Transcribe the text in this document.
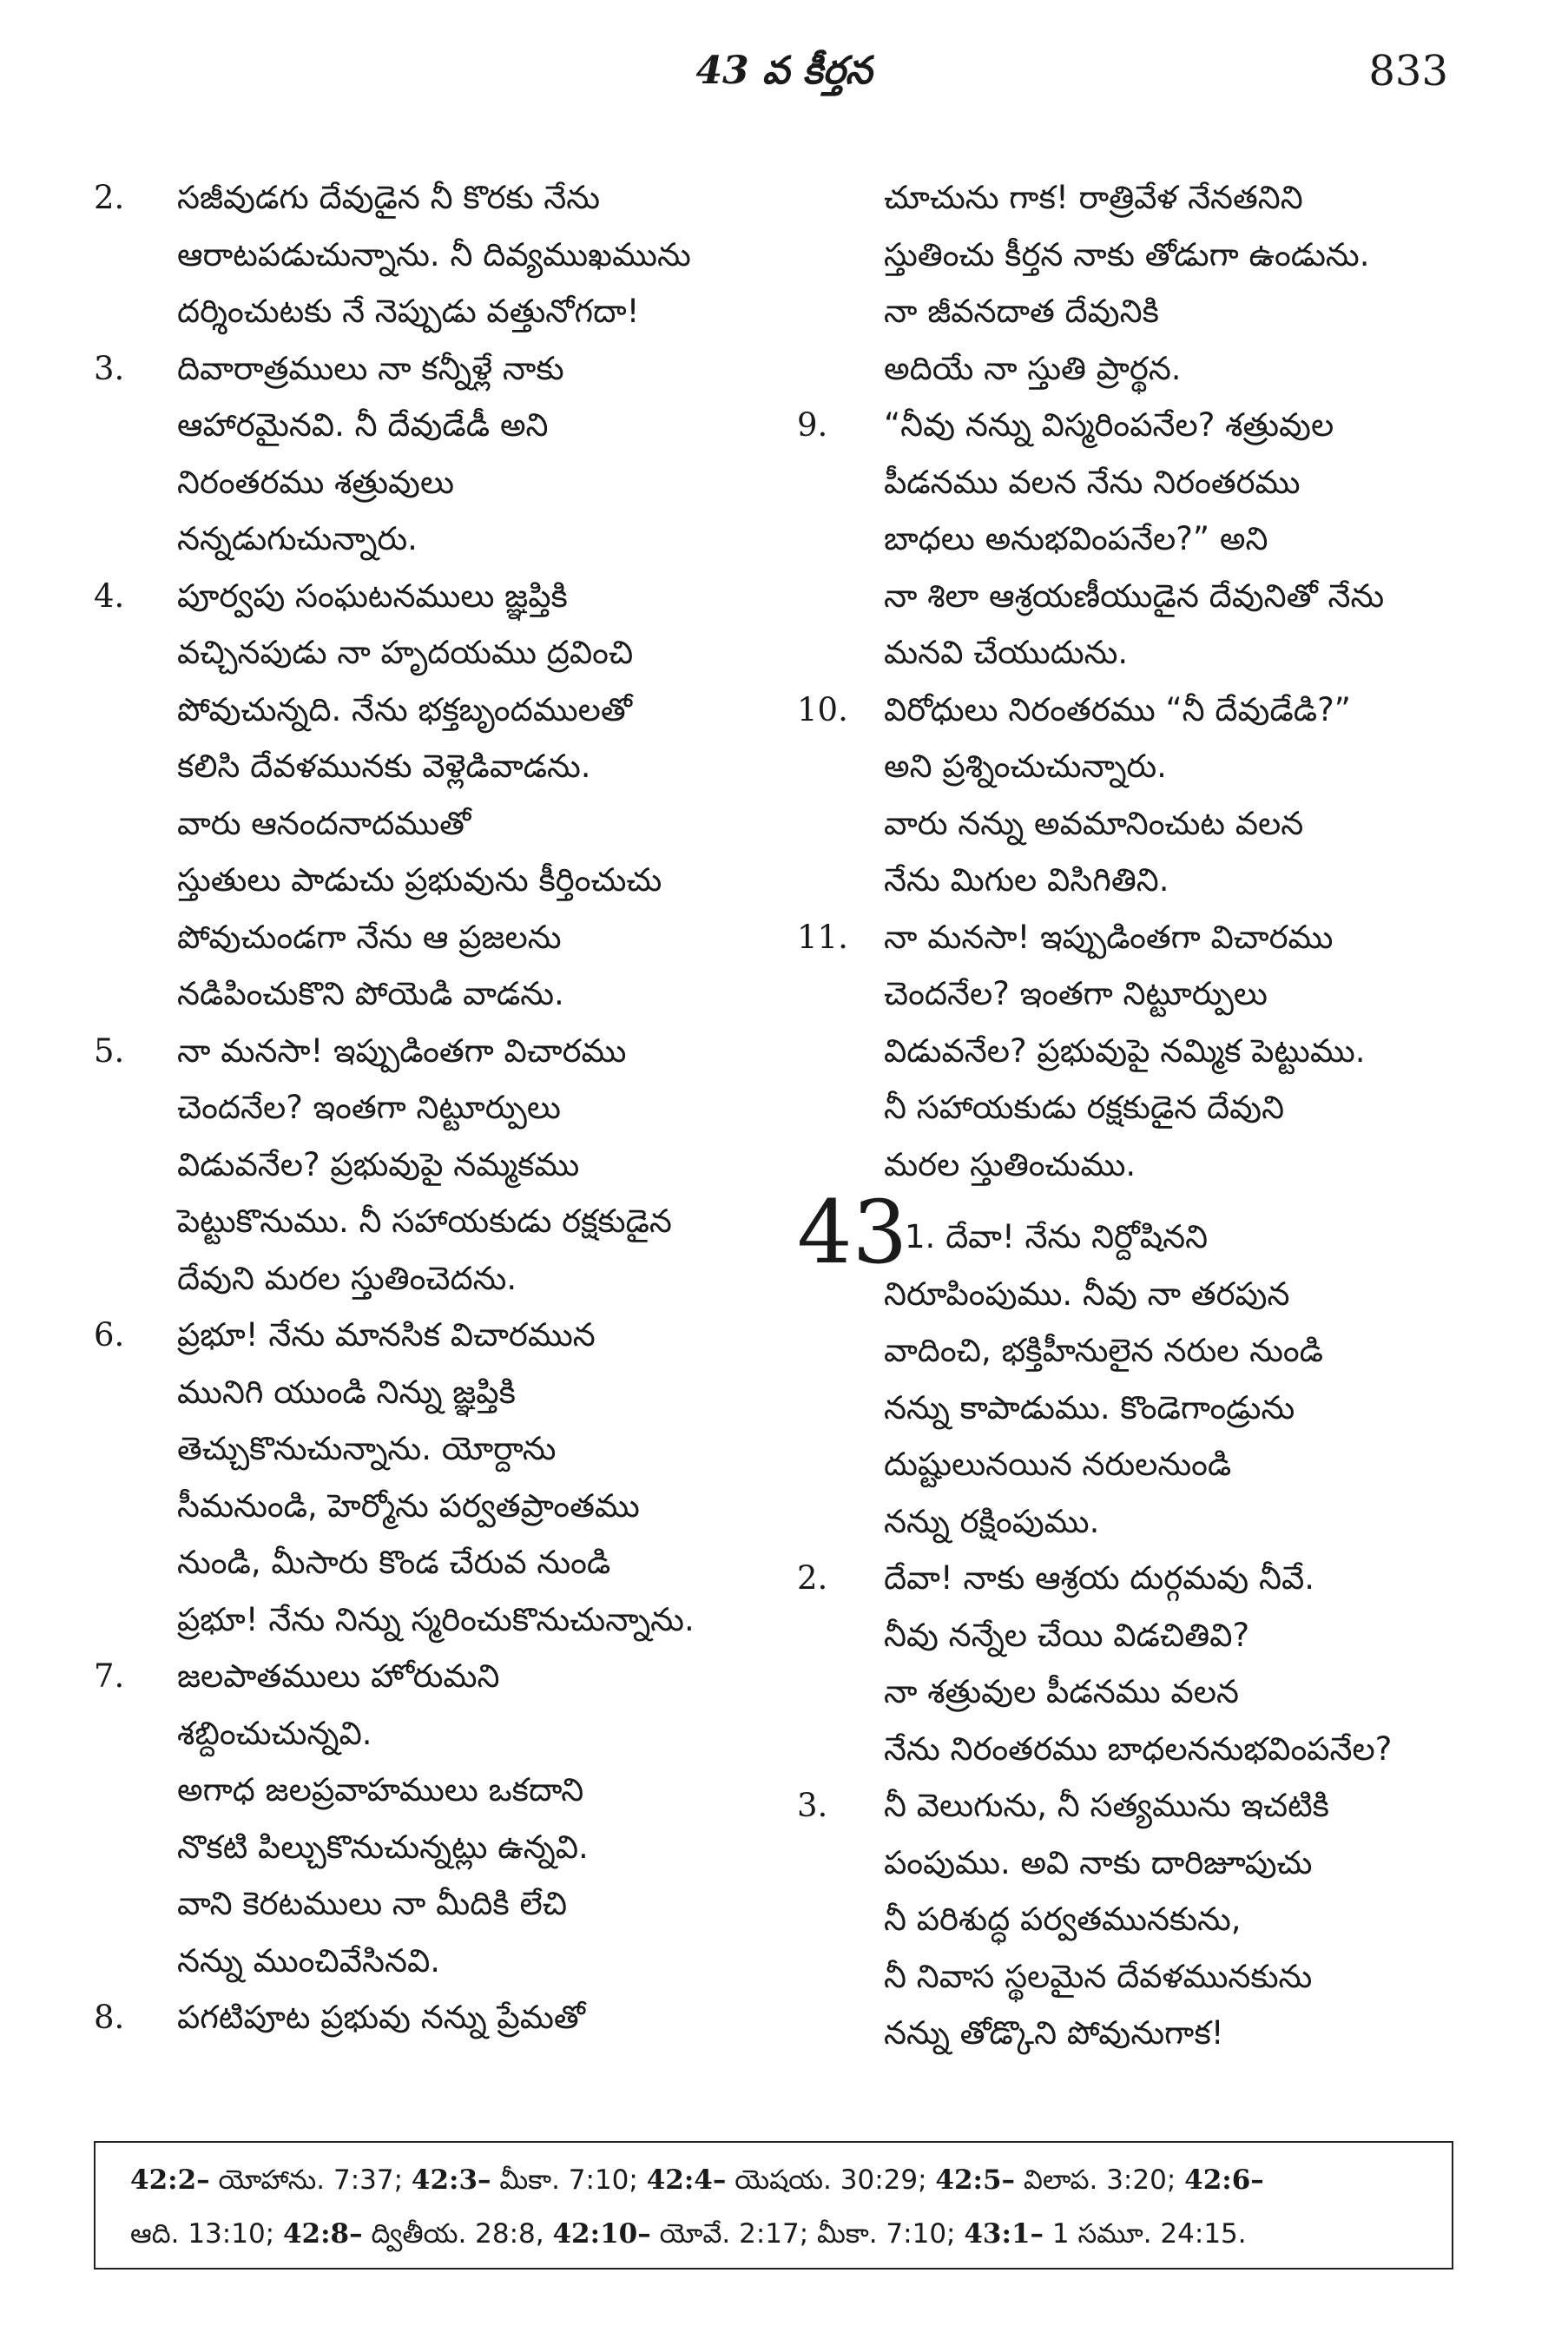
43 వ కీర్తన	833
2. సజీవుడగు దేవుడైన నీ కొరకు నేను
ఆరాటపడుచున్నాను. నీ దివ్యముఖమును
దర్శించుటకు నే నెప్పుడు వత్తునోగదా!
3. దివారాత్రములు నా కన్నీళ్లే నాకు
ఆహారమైనవి. నీ దేవుడేడీ అని
నిరంతరము శత్రువులు
నన్నడుగుచున్నారు.
4. పూర్వపు సంఘటనములు జ్ఞప్తికి
వచ్చినపుడు నా హృదయము ద్రవించి
పోవుచున్నది. నేను భక్తబృందములతో
కలిసి దేవళమునకు వెళ్లెడివాడను.
వారు ఆనందనాదముతో
స్తుతులు పాడుచు ప్రభువును కీర్తించుచు
పోవుచుండగా నేను ఆ ప్రజలను
నడిపించుకొని పోయెడి వాడను.
5. నా మనసా! ఇప్పుడింతగా విచారము
చెందనేల? ఇంతగా నిట్టూర్పులు
విడువనేల? ప్రభువుపై నమ్మకము
పెట్టుకొనుము. నీ సహాయకుడు రక్షకుడైన
దేవుని మరల స్తుతించెదను.
6. ప్రభూ! నేను మానసిక విచారమున
మునిగి యుండి నిన్ను జ్ఞప్తికి
తెచ్చుకొనుచున్నాను. యోర్దాను
సీమనుండి, హెర్మోను పర్వతప్రాంతము
నుండి, మీసారు కొండ చేరువ నుండి
ప్రభూ! నేను నిన్ను స్మరించుకొనుచున్నాను.
7. జలపాతములు హోరుమని
శబ్దించుచున్నవి.
అగాధ జలప్రవాహములు ఒకదాని
నొకటి పిల్చుకొనుచున్నట్లు ఉన్నవి.
వాని కెరటములు నా మీదికి లేచి
నన్ను ముంచివేసినవి.
8. పగటిపూట ప్రభువు నన్ను ప్రేమతో
చూచును గాక! రాత్రివేళ నేనతనిని
స్తుతించు కీర్తన నాకు తోడుగా ఉండును.
నా జీవనదాత దేవునికి
అదియే నా స్తుతి ప్రార్థన.
9. “నీవు నన్ను విస్మరింపనేల? శత్రువుల
పీడనము వలన నేను నిరంతరము
బాధలు అనుభవింపనేల?” అని
నా శిలా ఆశ్రయణీయుడైన దేవునితో నేను
మనవి చేయుదును.
10. విరోధులు నిరంతరము “నీ దేవుడేడి?”
అని ప్రశ్నించుచున్నారు.
వారు నన్ను అవమానించుట వలన
నేను మిగుల విసిగితిని.
11. నా మనసా! ఇప్పుడింతగా విచారము
చెందనేల? ఇంతగా నిట్టూర్పులు
విడువనేల? ప్రభువుపై నమ్మిక పెట్టుము.
నీ సహాయకుడు రక్షకుడైన దేవుని
మరల స్తుతించుము.
43
1. దేవా! నేను నిర్దోషినని
నిరూపింపుము. నీవు నా తరపున
వాదించి, భక్తిహీనులైన నరుల నుండి
నన్ను కాపాడుము. కొండెగాండ్రును
దుష్టులునయిన నరులనుండి
నన్ను రక్షింపుము.
2. దేవా! నాకు ఆశ్రయ దుర్గమవు నీవే.
నీవు నన్నేల చేయి విడచితివి?
నా శత్రువుల పీడనము వలన
నేను నిరంతరము బాధలననుభవింపనేల?
3. నీ వెలుగును, నీ సత్యమును ఇచటికి
పంపుము. అవి నాకు దారిజూపుచు
నీ పరిశుద్ధ పర్వతమునకును,
నీ నివాస స్థలమైన దేవళమునకును
నన్ను తోడ్కొని పోవునుగాక!
42:2– యోహాను. 7:37; 42:3– మీకా. 7:10; 42:4– యెషయ. 30:29; 42:5– విలాప. 3:20; 42:6–
ఆది. 13:10; 42:8– ద్వితీయ. 28:8, 42:10– యోవే. 2:17; మీకా. 7:10; 43:1– 1 సమూ. 24:15.
